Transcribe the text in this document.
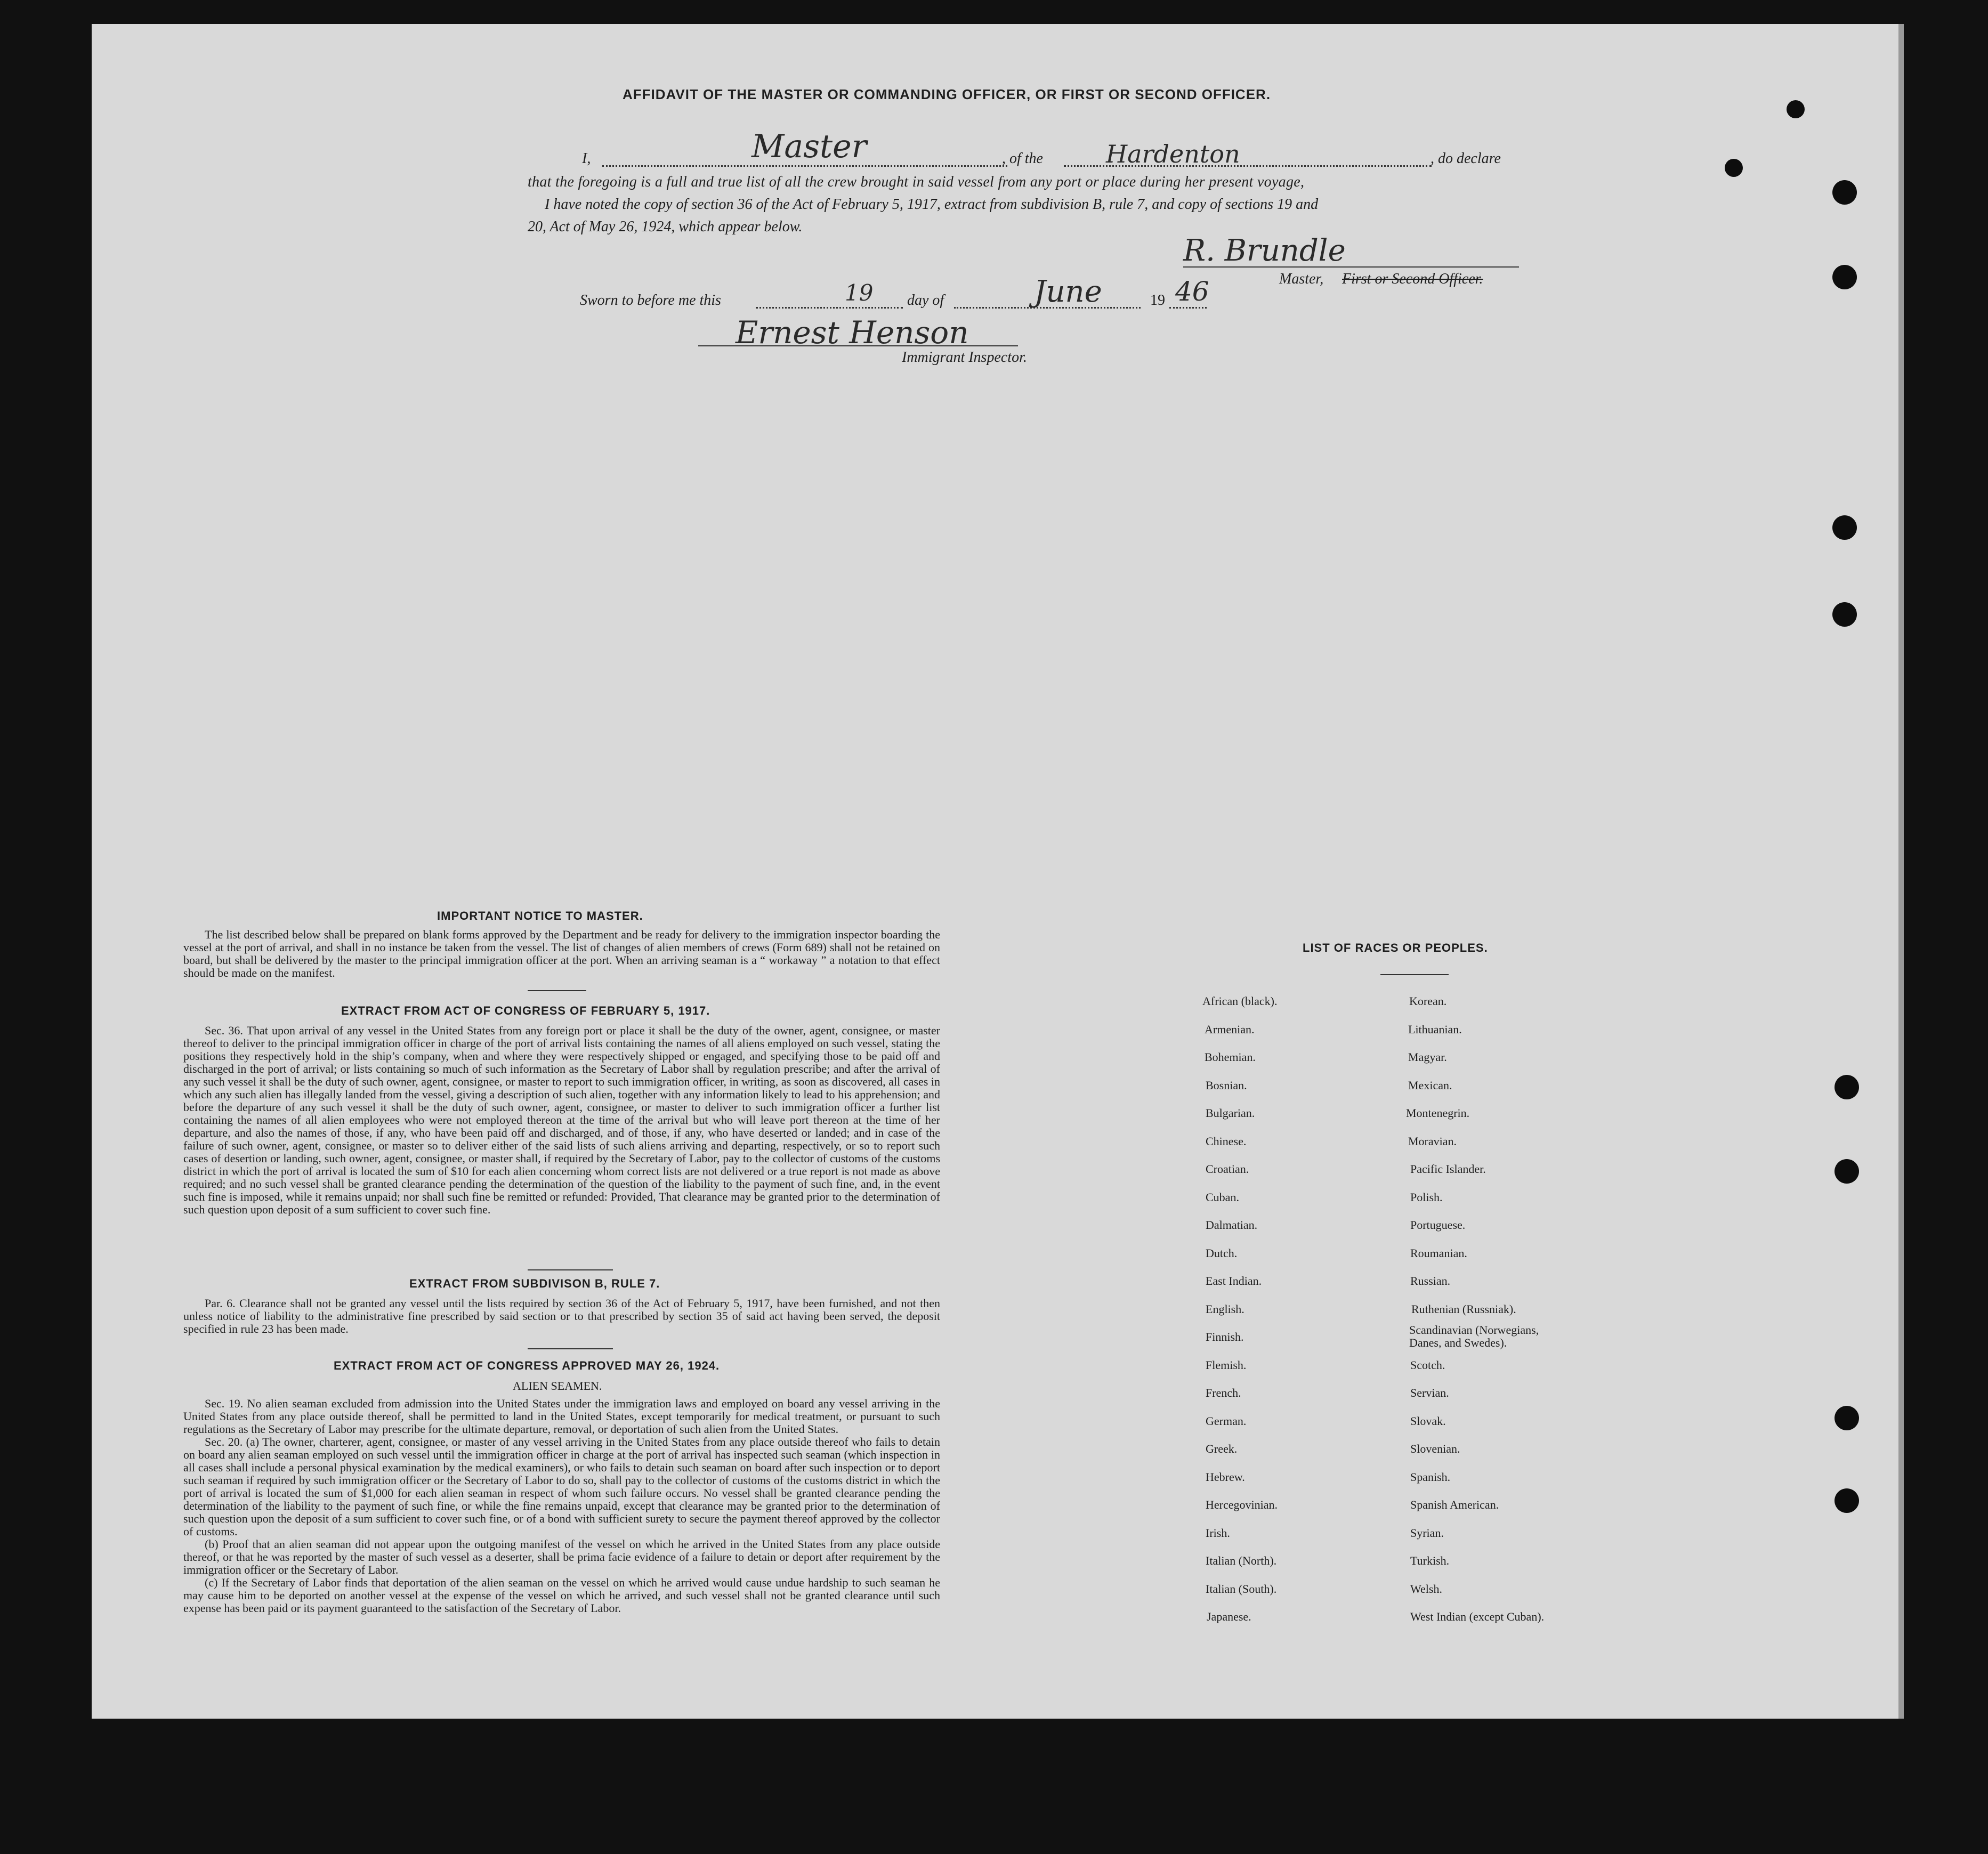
AFFIDAVIT OF THE MASTER OR COMMANDING OFFICER, OR FIRST OR SECOND OFFICER.
I,	Master	, of the	Hardenton	, do declare
that the foregoing is a full and true list of all the crew brought in said vessel from any port or place during her present voyage,
I have noted the copy of section 36 of the Act of February 5, 1917, extract from subdivision B, rule 7, and copy of sections 19 and
20, Act of May 26, 1924, which appear below.
R. Brundle
Master, First or Second Officer.
Sworn to before me this	19 day of	June	19 46
Ernest Henson
Immigrant Inspector.
IMPORTANT NOTICE TO MASTER.

The list described below shall be prepared on blank forms approved by the Department and be ready for delivery to the immigration inspector boarding the vessel at the port of arrival, and shall in no instance be taken from the vessel. The list of changes of alien members of crews (Form 689) shall not be retained on board, but shall be delivered by the master to the principal immigration officer at the port. When an arriving seaman is a “ workaway ” a notation to that effect should be made on the manifest.

EXTRACT FROM ACT OF CONGRESS OF FEBRUARY 5, 1917.

Sec. 36. That upon arrival of any vessel in the United States from any foreign port or place it shall be the duty of the owner, agent, consignee, or master thereof to deliver to the principal immigration officer in charge of the port of arrival lists containing the names of all aliens employed on such vessel, stating the positions they respectively hold in the ship’s company, when and where they were respectively shipped or engaged, and specifying those to be paid off and discharged in the port of arrival; or lists containing so much of such information as the Secretary of Labor shall by regulation prescribe; and after the arrival of any such vessel it shall be the duty of such owner, agent, consignee, or master to report to such immigration officer, in writing, as soon as discovered, all cases in which any such alien has illegally landed from the vessel, giving a description of such alien, together with any information likely to lead to his apprehension; and before the departure of any such vessel it shall be the duty of such owner, agent, consignee, or master to deliver to such immigration officer a further list containing the names of all alien employees who were not employed thereon at the time of the arrival but who will leave port thereon at the time of her departure, and also the names of those, if any, who have been paid off and discharged, and of those, if any, who have deserted or landed; and in case of the failure of such owner, agent, consignee, or master so to deliver either of the said lists of such aliens arriving and departing, respectively, or so to report such cases of desertion or landing, such owner, agent, consignee, or master shall, if required by the Secretary of Labor, pay to the collector of customs of the customs district in which the port of arrival is located the sum of $10 for each alien concerning whom correct lists are not delivered or a true report is not made as above required; and no such vessel shall be granted clearance pending the determination of the question of the liability to the payment of such fine, and, in the event such fine is imposed, while it remains unpaid; nor shall such fine be remitted or refunded: Provided, That clearance may be granted prior to the determination of such question upon deposit of a sum sufficient to cover such fine.

EXTRACT FROM SUBDIVISON B, RULE 7.

Par. 6. Clearance shall not be granted any vessel until the lists required by section 36 of the Act of February 5, 1917, have been furnished, and not then unless notice of liability to the administrative fine prescribed by said section or to that prescribed by section 35 of said act having been served, the deposit specified in rule 23 has been made.

EXTRACT FROM ACT OF CONGRESS APPROVED MAY 26, 1924.
ALIEN SEAMEN.

Sec. 19. No alien seaman excluded from admission into the United States under the immigration laws and employed on board any vessel arriving in the United States from any place outside thereof, shall be permitted to land in the United States, except temporarily for medical treatment, or pursuant to such regulations as the Secretary of Labor may prescribe for the ultimate departure, removal, or deportation of such alien from the United States.

Sec. 20. (a) The owner, charterer, agent, consignee, or master of any vessel arriving in the United States from any place outside thereof who fails to detain on board any alien seaman employed on such vessel until the immigration officer in charge at the port of arrival has inspected such seaman (which inspection in all cases shall include a personal physical examination by the medical examiners), or who fails to detain such seaman on board after such inspection or to deport such seaman if required by such immigration officer or the Secretary of Labor to do so, shall pay to the collector of customs of the customs district in which the port of arrival is located the sum of $1,000 for each alien seaman in respect of whom such failure occurs. No vessel shall be granted clearance pending the determination of the liability to the payment of such fine, or while the fine remains unpaid, except that clearance may be granted prior to the determination of such question upon the deposit of a sum sufficient to cover such fine, or of a bond with sufficient surety to secure the payment thereof approved by the collector of customs.

(b) Proof that an alien seaman did not appear upon the outgoing manifest of the vessel on which he arrived in the United States from any place outside thereof, or that he was reported by the master of such vessel as a deserter, shall be prima facie evidence of a failure to detain or deport after requirement by the immigration officer or the Secretary of Labor.

(c) If the Secretary of Labor finds that deportation of the alien seaman on the vessel on which he arrived would cause undue hardship to such seaman he may cause him to be deported on another vessel at the expense of the vessel on which he arrived, and such vessel shall not be granted clearance until such expense has been paid or its payment guaranteed to the satisfaction of the Secretary of Labor.

LIST OF RACES OR PEOPLES.
African (black).
Armenian.
Bohemian.
Bosnian.
Bulgarian.
Chinese.
Croatian.
Cuban.
Dalmatian.
Dutch.
East Indian.
English.
Finnish.
Flemish.
French.
German.
Greek.
Hebrew.
Hercegovinian.
Irish.
Italian (North).
Italian (South).
Japanese.
Korean.
Lithuanian.
Magyar.
Mexican.
Montenegrin.
Moravian.
Pacific Islander.
Polish.
Portuguese.
Roumanian.
Russian.
Ruthenian (Russniak).
Scandinavian (Norwegians,
Danes, and Swedes).
Scotch.
Servian.
Slovak.
Slovenian.
Spanish.
Spanish American.
Syrian.
Turkish.
Welsh.
West Indian (except Cuban).
